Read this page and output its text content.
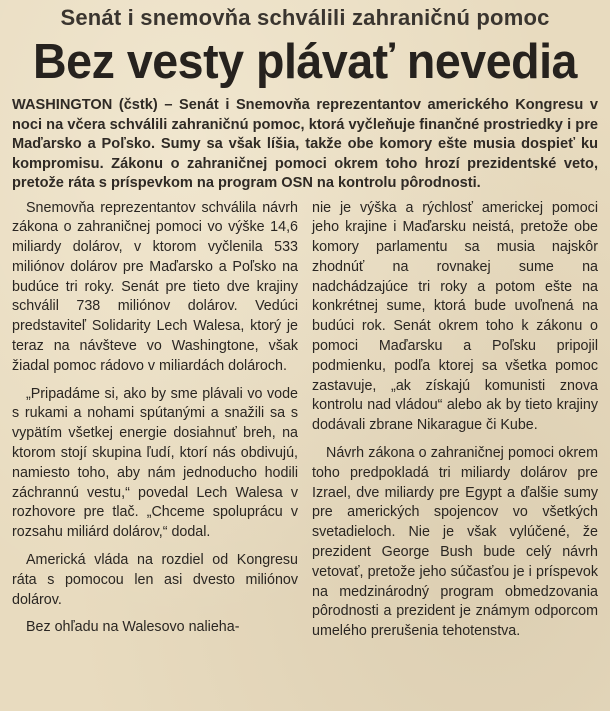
Senát i snemovňa schválili zahraničnú pomoc
Bez vesty plávať nevedia

WASHINGTON (čstk) – Senát i Snemovňa reprezentantov amerického Kongresu v noci na včera schválili zahraničnú pomoc, ktorá vyčleňuje finančné prostriedky i pre Maďarsko a Poľsko. Sumy sa však líšia, takže obe komory ešte musia dospieť ku kompromisu. Zákonu o zahraničnej pomoci okrem toho hrozí prezidentské veto, pretože ráta s príspevkom na program OSN na kontrolu pôrodnosti.

Snemovňa reprezentantov schválila návrh zákona o zahraničnej pomoci vo výške 14,6 miliardy dolárov, v ktorom vyčlenila 533 miliónov dolárov pre Maďarsko a Poľsko na budúce tri roky. Senát pre tieto dve krajiny schválil 738 miliónov dolárov. Vedúci predstaviteľ Solidarity Lech Walesa, ktorý je teraz na návšteve vo Washingtone, však žiadal pomoc rádovo v miliardách dolároch.

„Pripadáme si, ako by sme plávali vo vode s rukami a nohami spútanými a snažili sa s vypätím všetkej energie dosiahnuť breh, na ktorom stojí skupina ľudí, ktorí nás obdivujú, namiesto toho, aby nám jednoducho hodili záchrannú vestu,“ povedal Lech Walesa v rozhovore pre tlač. „Chceme spoluprácu v rozsahu miliárd dolárov,“ dodal.

Americká vláda na rozdiel od Kongresu ráta s pomocou len asi dvesto miliónov dolárov.

Bez ohľadu na Walesovo nalieha-

nie je výška a rýchlosť americkej pomoci jeho krajine i Maďarsku neistá, pretože obe komory parlamentu sa musia najskôr zhodnúť na rovnakej sume na nadchádzajúce tri roky a potom ešte na konkrétnej sume, ktorá bude uvoľnená na budúci rok. Senát okrem toho k zákonu o pomoci Maďarsku a Poľsku pripojil podmienku, podľa ktorej sa všetka pomoc zastavuje, „ak získajú komunisti znova kontrolu nad vládou“ alebo ak by tieto krajiny dodávali zbrane Nikarague či Kube.

Návrh zákona o zahraničnej pomoci okrem toho predpokladá tri miliardy dolárov pre Izrael, dve miliardy pre Egypt a ďalšie sumy pre amerických spojencov vo všetkých svetadieloch. Nie je však vylúčené, že prezident George Bush bude celý návrh vetovať, pretože jeho súčasťou je i príspevok na medzinárodný program obmedzovania pôrodnosti a prezident je známym odporcom umelého prerušenia tehotenstva.
